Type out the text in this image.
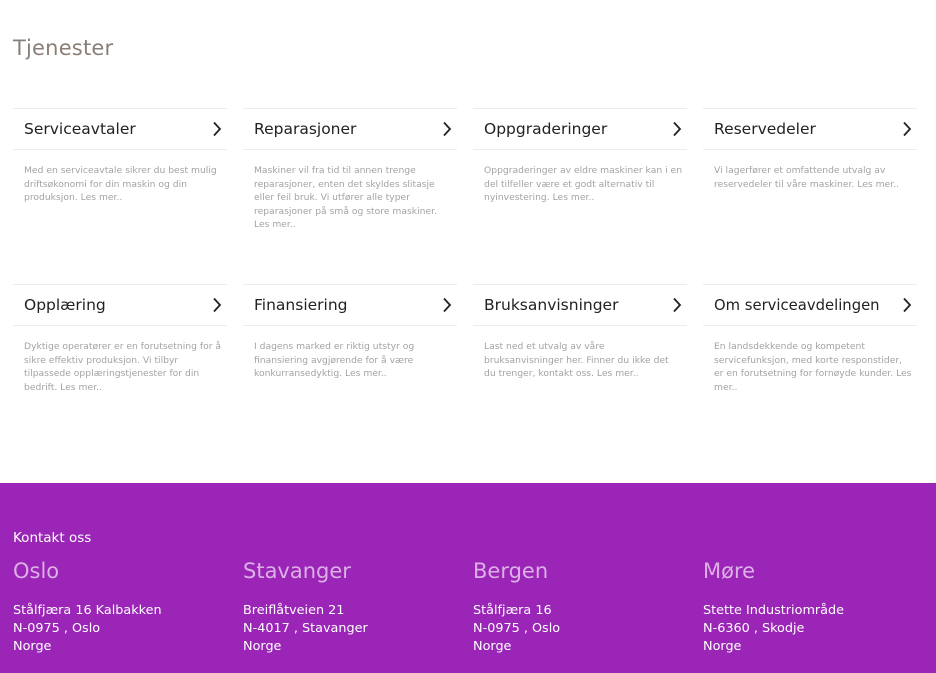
Tjenester
Serviceavtaler

Med en serviceavtale sikrer du best mulig driftsøkonomi for din maskin og din produksjon. Les mer..

Reparasjoner

Maskiner vil fra tid til annen trenge reparasjoner, enten det skyldes slitasje eller feil bruk. Vi utfører alle typer reparasjoner på små og store maskiner. Les mer..

Oppgraderinger

Oppgraderinger av eldre maskiner kan i en del tilfeller være et godt alternativ til nyinvestering. Les mer..

Reservedeler

Vi lagerfører et omfattende utvalg av reservedeler til våre maskiner. Les mer..

Opplæring

Dyktige operatører er en forutsetning for å sikre effektiv produksjon. Vi tilbyr tilpassede opplæringstjenester for din bedrift. Les mer..

Finansiering

I dagens marked er riktig utstyr og finansiering avgjørende for å være konkurransedyktig. Les mer..

Bruksanvisninger

Last ned et utvalg av våre bruksanvisninger her. Finner du ikke det du trenger, kontakt oss. Les mer..

Om serviceavdelingen

En landsdekkende og kompetent servicefunksjon, med korte responstider, er en forutsetning for fornøyde kunder. Les mer..

Kontakt oss
Oslo
Stålfjæra 16 Kalbakken
N-0975 , Oslo
Norge
Stavanger
Breiflåtveien 21
N-4017 , Stavanger
Norge
Bergen
Stålfjæra 16
N-0975 , Oslo
Norge
Møre
Stette Industriområde
N-6360 , Skodje
Norge
